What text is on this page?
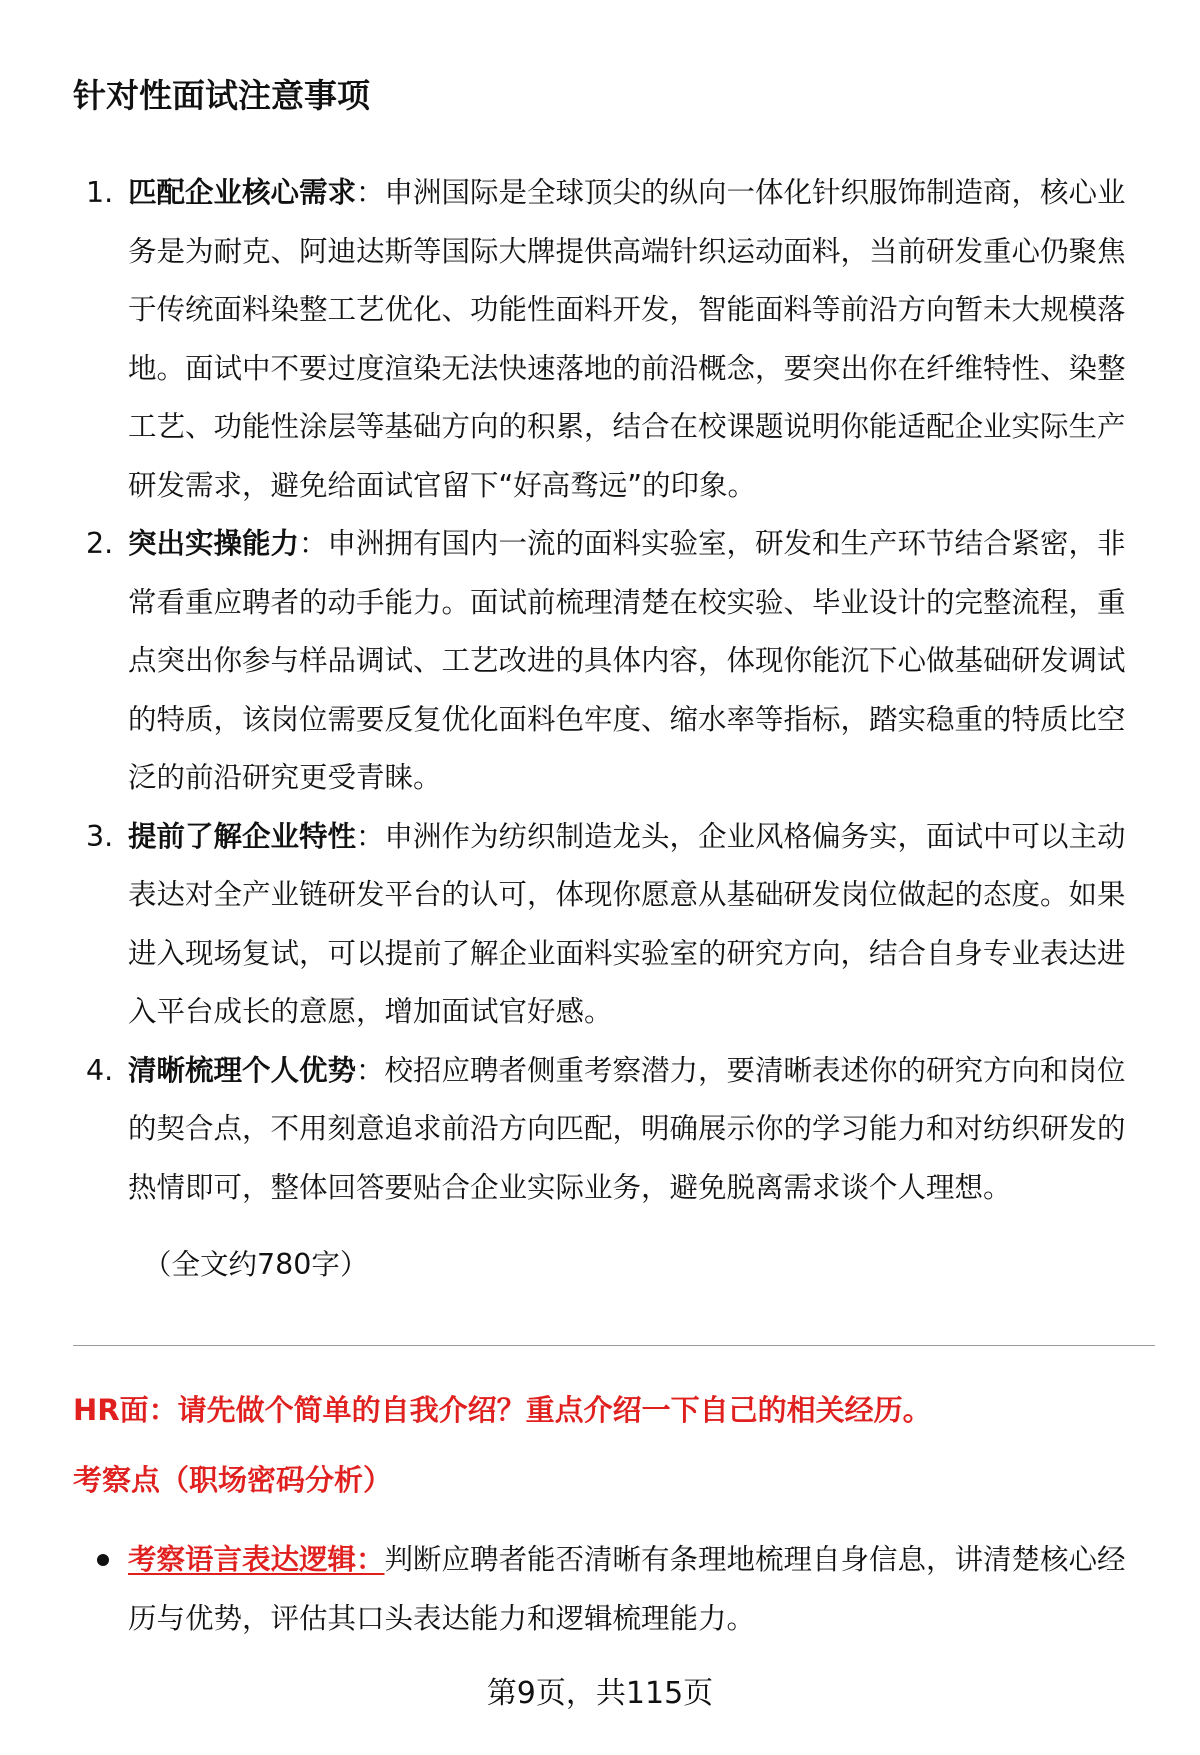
针对性面试注意事项
1. 匹配企业核心需求：申洲国际是全球顶尖的纵向一体化针织服饰制造商，核心业务是为耐克、阿迪达斯等国际大牌提供高端针织运动面料，当前研发重心仍聚焦于传统面料染整工艺优化、功能性面料开发，智能面料等前沿方向暂未大规模落地。面试中不要过度渲染无法快速落地的前沿概念，要突出你在纤维特性、染整工艺、功能性涂层等基础方向的积累，结合在校课题说明你能适配企业实际生产研发需求，避免给面试官留下“好高骛远”的印象。
2. 突出实操能力：申洲拥有国内一流的面料实验室，研发和生产环节结合紧密，非常看重应聘者的动手能力。面试前梳理清楚在校实验、毕业设计的完整流程，重点突出你参与样品调试、工艺改进的具体内容，体现你能沉下心做基础研发调试的特质，该岗位需要反复优化面料色牢度、缩水率等指标，踏实稳重的特质比空泛的前沿研究更受青睐。
3. 提前了解企业特性：申洲作为纺织制造龙头，企业风格偏务实，面试中可以主动表达对全产业链研发平台的认可，体现你愿意从基础研发岗位做起的态度。如果进入现场复试，可以提前了解企业面料实验室的研究方向，结合自身专业表达进入平台成长的意愿，增加面试官好感。
4. 清晰梳理个人优势：校招应聘者侧重考察潜力，要清晰表述你的研究方向和岗位的契合点，不用刻意追求前沿方向匹配，明确展示你的学习能力和对纺织研发的热情即可，整体回答要贴合企业实际业务，避免脱离需求谈个人理想。
（全文约780字）
HR面：请先做个简单的自我介绍？重点介绍一下自己的相关经历。
考察点（职场密码分析）
考察语言表达逻辑：判断应聘者能否清晰有条理地梳理自身信息，讲清楚核心经历与优势，评估其口头表达能力和逻辑梳理能力。
第9页，共115页
